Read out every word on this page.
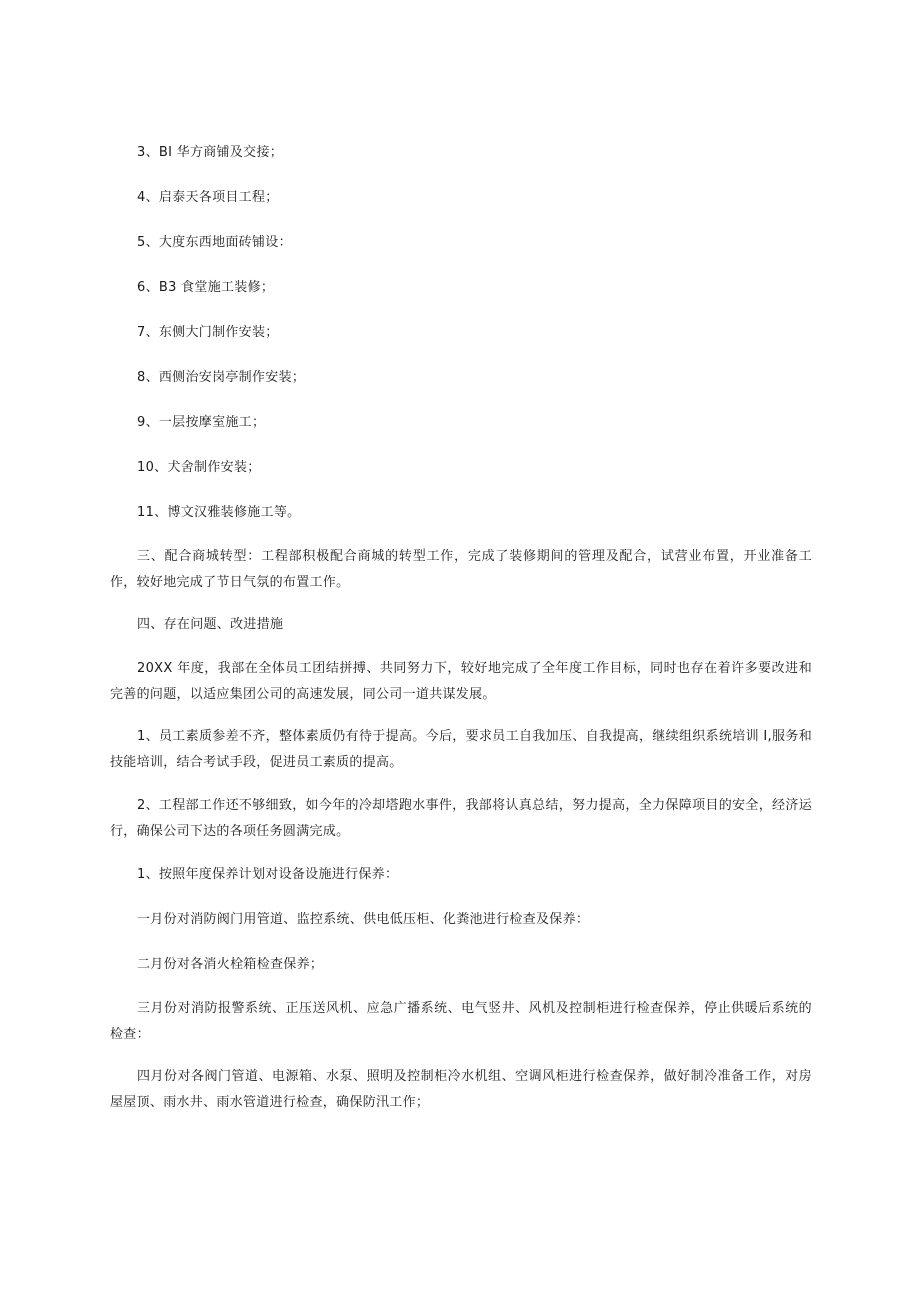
3、BI 华方商铺及交接；

4、启泰天各项目工程；

5、大度东西地面砖铺设：

6、B3 食堂施工装修；

7、东侧大门制作安装；

8、西侧治安岗亭制作安装；

9、一层按摩室施工；

10、犬舍制作安装；

11、博文汉雅装修施工等。

三、配合商城转型：工程部积极配合商城的转型工作，完成了装修期间的管理及配合，试营业布置，开业准备工作，较好地完成了节日气氛的布置工作。

四、存在问题、改进措施

20XX 年度，我部在全体员工团结拼搏、共同努力下，较好地完成了全年度工作目标，同时也存在着许多要改进和完善的问题，以适应集团公司的高速发展，同公司一道共谋发展。

1、员工素质参差不齐，整体素质仍有待于提高。今后，要求员工自我加压、自我提高，继续组织系统培训 I,服务和技能培训，结合考试手段，促进员工素质的提高。

2、工程部工作还不够细致，如今年的冷却塔跑水事件，我部将认真总结，努力提高，全力保障项目的安全，经济运行，确保公司下达的各项任务圆满完成。

1、按照年度保养计划对设备设施进行保养：

一月份对消防阀门用管道、监控系统、供电低压柜、化粪池进行检查及保养：

二月份对各消火栓箱检查保养；

三月份对消防报警系统、正压送风机、应急广播系统、电气竖井、风机及控制柜进行检查保养，停止供暖后系统的检查：

四月份对各阀门管道、电源箱、水泵、照明及控制柜冷水机组、空调风柜进行检查保养，做好制冷准备工作，对房屋屋顶、雨水井、雨水管道进行检查，确保防汛工作；
